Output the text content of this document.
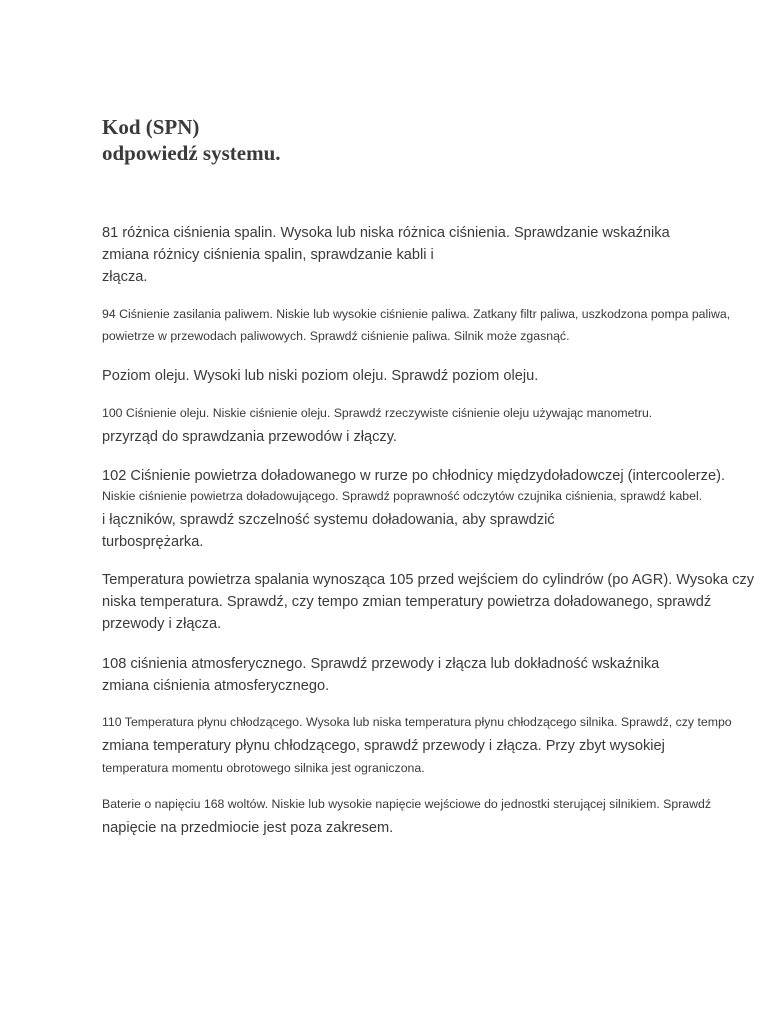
Kod (SPN)
odpowiedź systemu.

81 różnica ciśnienia spalin. Wysoka lub niska różnica ciśnienia. Sprawdzanie wskaźnika

zmiana różnicy ciśnienia spalin, sprawdzanie kabli i

złącza.

94 Ciśnienie zasilania paliwem. Niskie lub wysokie ciśnienie paliwa. Zatkany filtr paliwa, uszkodzona pompa paliwa,

powietrze w przewodach paliwowych. Sprawdź ciśnienie paliwa. Silnik może zgasnąć.

Poziom oleju. Wysoki lub niski poziom oleju. Sprawdź poziom oleju.

100 Ciśnienie oleju. Niskie ciśnienie oleju. Sprawdź rzeczywiste ciśnienie oleju używając manometru.

przyrząd do sprawdzania przewodów i złączy.

102 Ciśnienie powietrza doładowanego w rurze po chłodnicy międzydoładowczej (intercoolerze).

Niskie ciśnienie powietrza doładowującego. Sprawdź poprawność odczytów czujnika ciśnienia, sprawdź kabel.

i łączników, sprawdź szczelność systemu doładowania, aby sprawdzić

turbosprężarka.

Temperatura powietrza spalania wynosząca 105 przed wejściem do cylindrów (po AGR). Wysoka czy

niska temperatura. Sprawdź, czy tempo zmian temperatury powietrza doładowanego, sprawdź

przewody i złącza.

108 ciśnienia atmosferycznego. Sprawdź przewody i złącza lub dokładność wskaźnika

zmiana ciśnienia atmosferycznego.

110 Temperatura płynu chłodzącego. Wysoka lub niska temperatura płynu chłodzącego silnika. Sprawdź, czy tempo

zmiana temperatury płynu chłodzącego, sprawdź przewody i złącza. Przy zbyt wysokiej

temperatura momentu obrotowego silnika jest ograniczona.

Baterie o napięciu 168 woltów. Niskie lub wysokie napięcie wejściowe do jednostki sterującej silnikiem. Sprawdź

napięcie na przedmiocie jest poza zakresem.
